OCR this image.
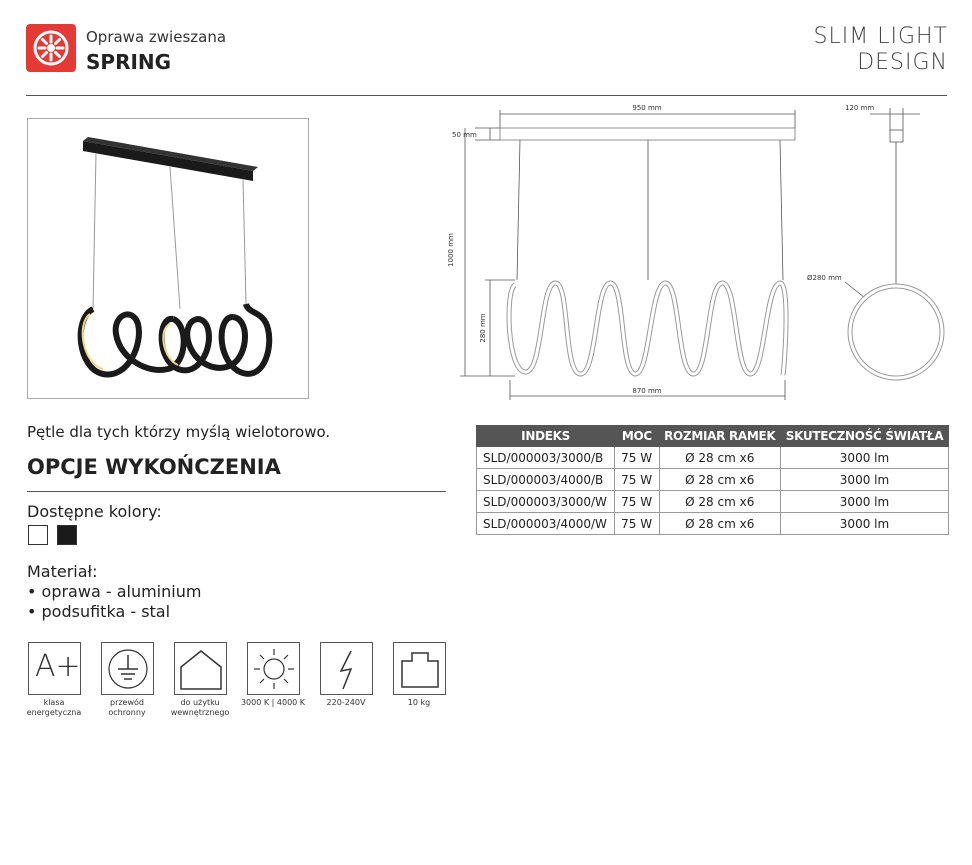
Oprawa zwieszana
SPRING
SLIM LIGHT
DESIGN
950 mm
50 mm
1000 mm
280 mm
870 mm
120 mm
Ø280 mm
Pętle dla tych którzy myślą wielotorowo.
OPCJE WYKOŃCZENIA
Dostępne kolory:
Materiał:
• oprawa - aluminium
• podsufitka - stal
A+
klasa energetyczna
przewód ochronny
do użytku wewnętrznego
3000 K | 4000 K	220-240V	10 kg
INDEKS	MOC	ROZMIAR RAMEK	SKUTECZNOŚĆ ŚWIATŁA
SLD/000003/3000/B	75 W	Ø 28 cm x6	3000 lm
SLD/000003/4000/B	75 W	Ø 28 cm x6	3000 lm
SLD/000003/3000/W	75 W	Ø 28 cm x6	3000 lm
SLD/000003/4000/W	75 W	Ø 28 cm x6	3000 lm
